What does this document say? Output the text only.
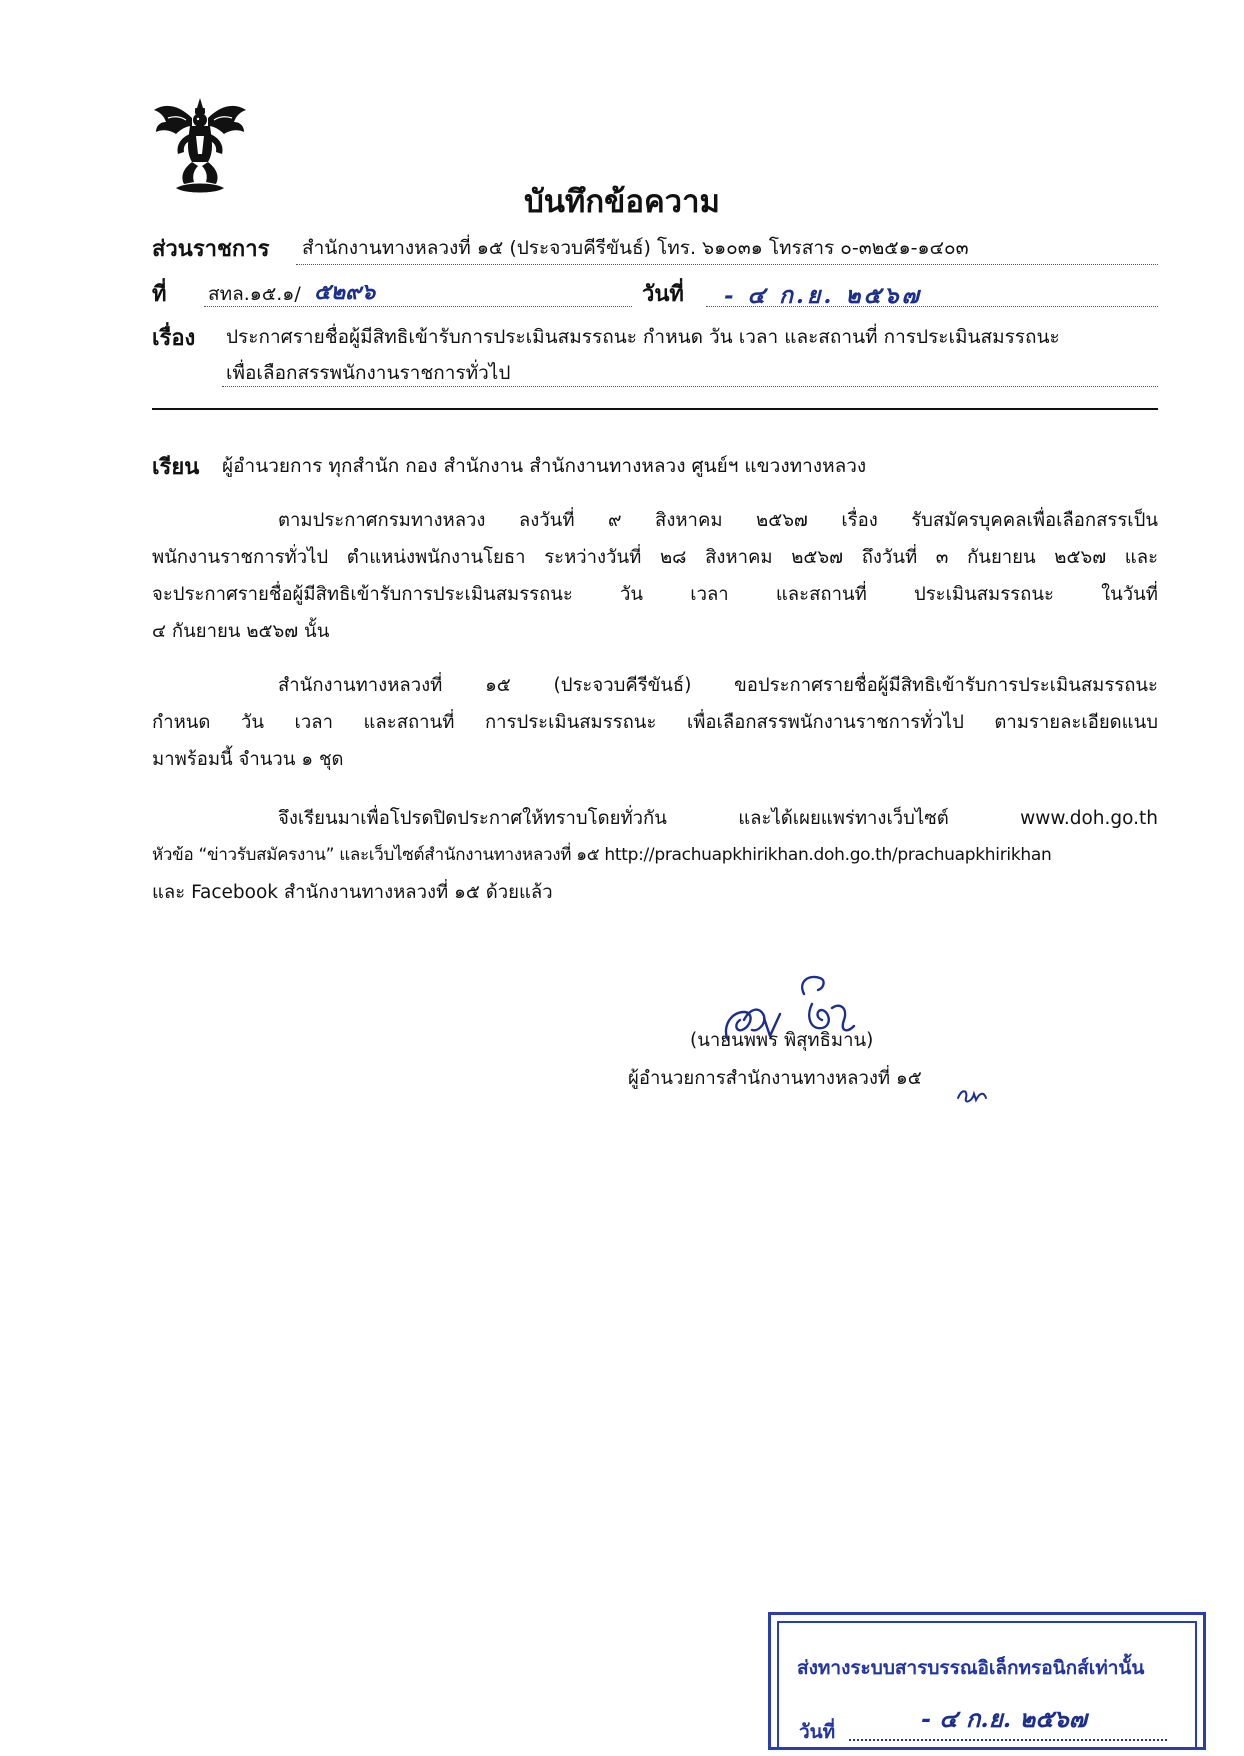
บันทึกข้อความ
ส่วนราชการ สำนักงานทางหลวงที่ ๑๕ (ประจวบคีรีขันธ์) โทร. ๖๑๐๓๑ โทรสาร ๐-๓๒๕๑-๑๔๐๓
ที่ สทล.๑๕.๑/ ๕๒๙๖	วันที่ - ๔ ก.ย. ๒๕๖๗
เรื่อง ประกาศรายชื่อผู้มีสิทธิเข้ารับการประเมินสมรรถนะ กำหนด วัน เวลา และสถานที่ การประเมินสมรรถนะ
เพื่อเลือกสรรพนักงานราชการทั่วไป
เรียน ผู้อำนวยการ ทุกสำนัก กอง สำนักงาน สำนักงานทางหลวง ศูนย์ฯ แขวงทางหลวง
ตามประกาศกรมทางหลวง ลงวันที่ ๙ สิงหาคม ๒๕๖๗ เรื่อง รับสมัครบุคคลเพื่อเลือกสรรเป็น
พนักงานราชการทั่วไป ตำแหน่งพนักงานโยธา ระหว่างวันที่ ๒๘ สิงหาคม ๒๕๖๗ ถึงวันที่ ๓ กันยายน ๒๕๖๗ และ
จะประกาศรายชื่อผู้มีสิทธิเข้ารับการประเมินสมรรถนะ วัน เวลา และสถานที่ ประเมินสมรรถนะ ในวันที่
๔ กันยายน ๒๕๖๗ นั้น
สำนักงานทางหลวงที่ ๑๕ (ประจวบคีรีขันธ์) ขอประกาศรายชื่อผู้มีสิทธิเข้ารับการประเมินสมรรถนะ
กำหนด วัน เวลา และสถานที่ การประเมินสมรรถนะ เพื่อเลือกสรรพนักงานราชการทั่วไป ตามรายละเอียดแนบ
มาพร้อมนี้ จำนวน ๑ ชุด
จึงเรียนมาเพื่อโปรดปิดประกาศให้ทราบโดยทั่วกัน และได้เผยแพร่ทางเว็บไซต์ www.doh.go.th
หัวข้อ “ข่าวรับสมัครงาน” และเว็บไซต์สำนักงานทางหลวงที่ ๑๕ http://prachuapkhirikhan.doh.go.th/prachuapkhirikhan
และ Facebook สำนักงานทางหลวงที่ ๑๕ ด้วยแล้ว
(นายนพพร พิสุทธิมาน)
ผู้อำนวยการสำนักงานทางหลวงที่ ๑๕
ส่งทางระบบสารบรรณอิเล็กทรอนิกส์เท่านั้น
วันที่	- ๔ ก.ย. ๒๕๖๗
